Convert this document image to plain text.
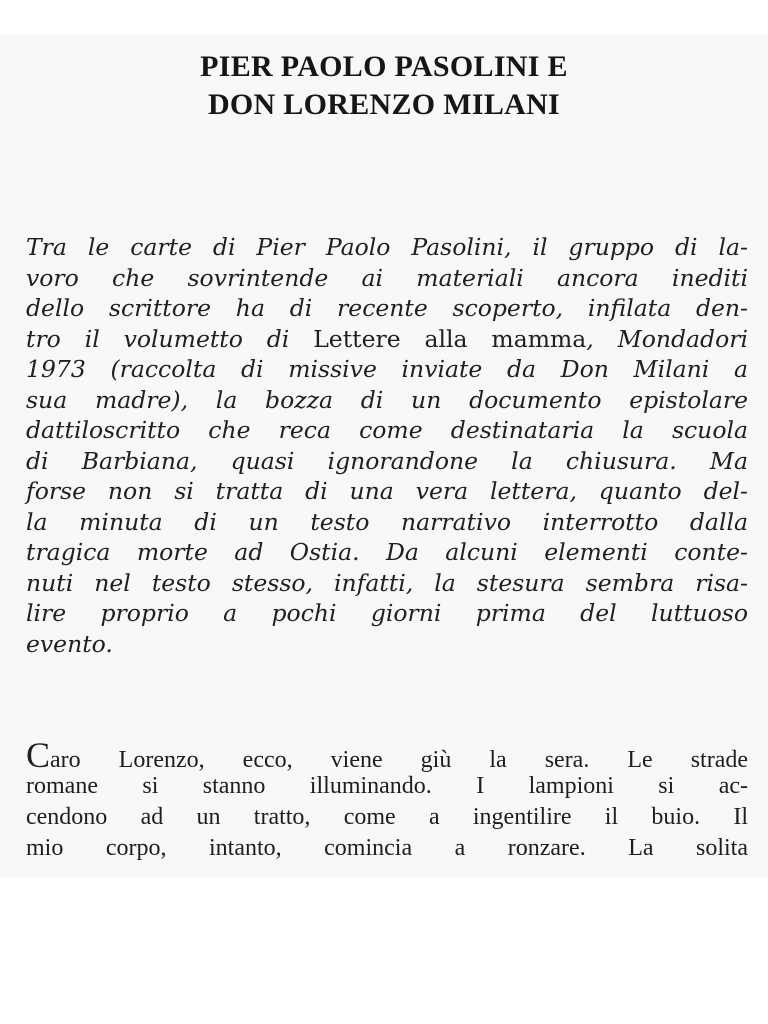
PIER PAOLO PASOLINI E
DON LORENZO MILANI
Tra le carte di Pier Paolo Pasolini, il gruppo di la-
voro che sovrintende ai materiali ancora inediti
dello scrittore ha di recente scoperto, infilata den-
tro il volumetto di Lettere alla mamma, Mondadori
1973 (raccolta di missive inviate da Don Milani a
sua madre), la bozza di un documento epistolare
dattiloscritto che reca come destinataria la scuola
di Barbiana, quasi ignorandone la chiusura. Ma
forse non si tratta di una vera lettera, quanto del-
la minuta di un testo narrativo interrotto dalla
tragica morte ad Ostia. Da alcuni elementi conte-
nuti nel testo stesso, infatti, la stesura sembra risa-
lire proprio a pochi giorni prima del luttuoso
evento.
Caro Lorenzo, ecco, viene giù la sera. Le strade
romane si stanno illuminando. I lampioni si ac-
cendono ad un tratto, come a ingentilire il buio. Il
mio corpo, intanto, comincia a ronzare. La solita
